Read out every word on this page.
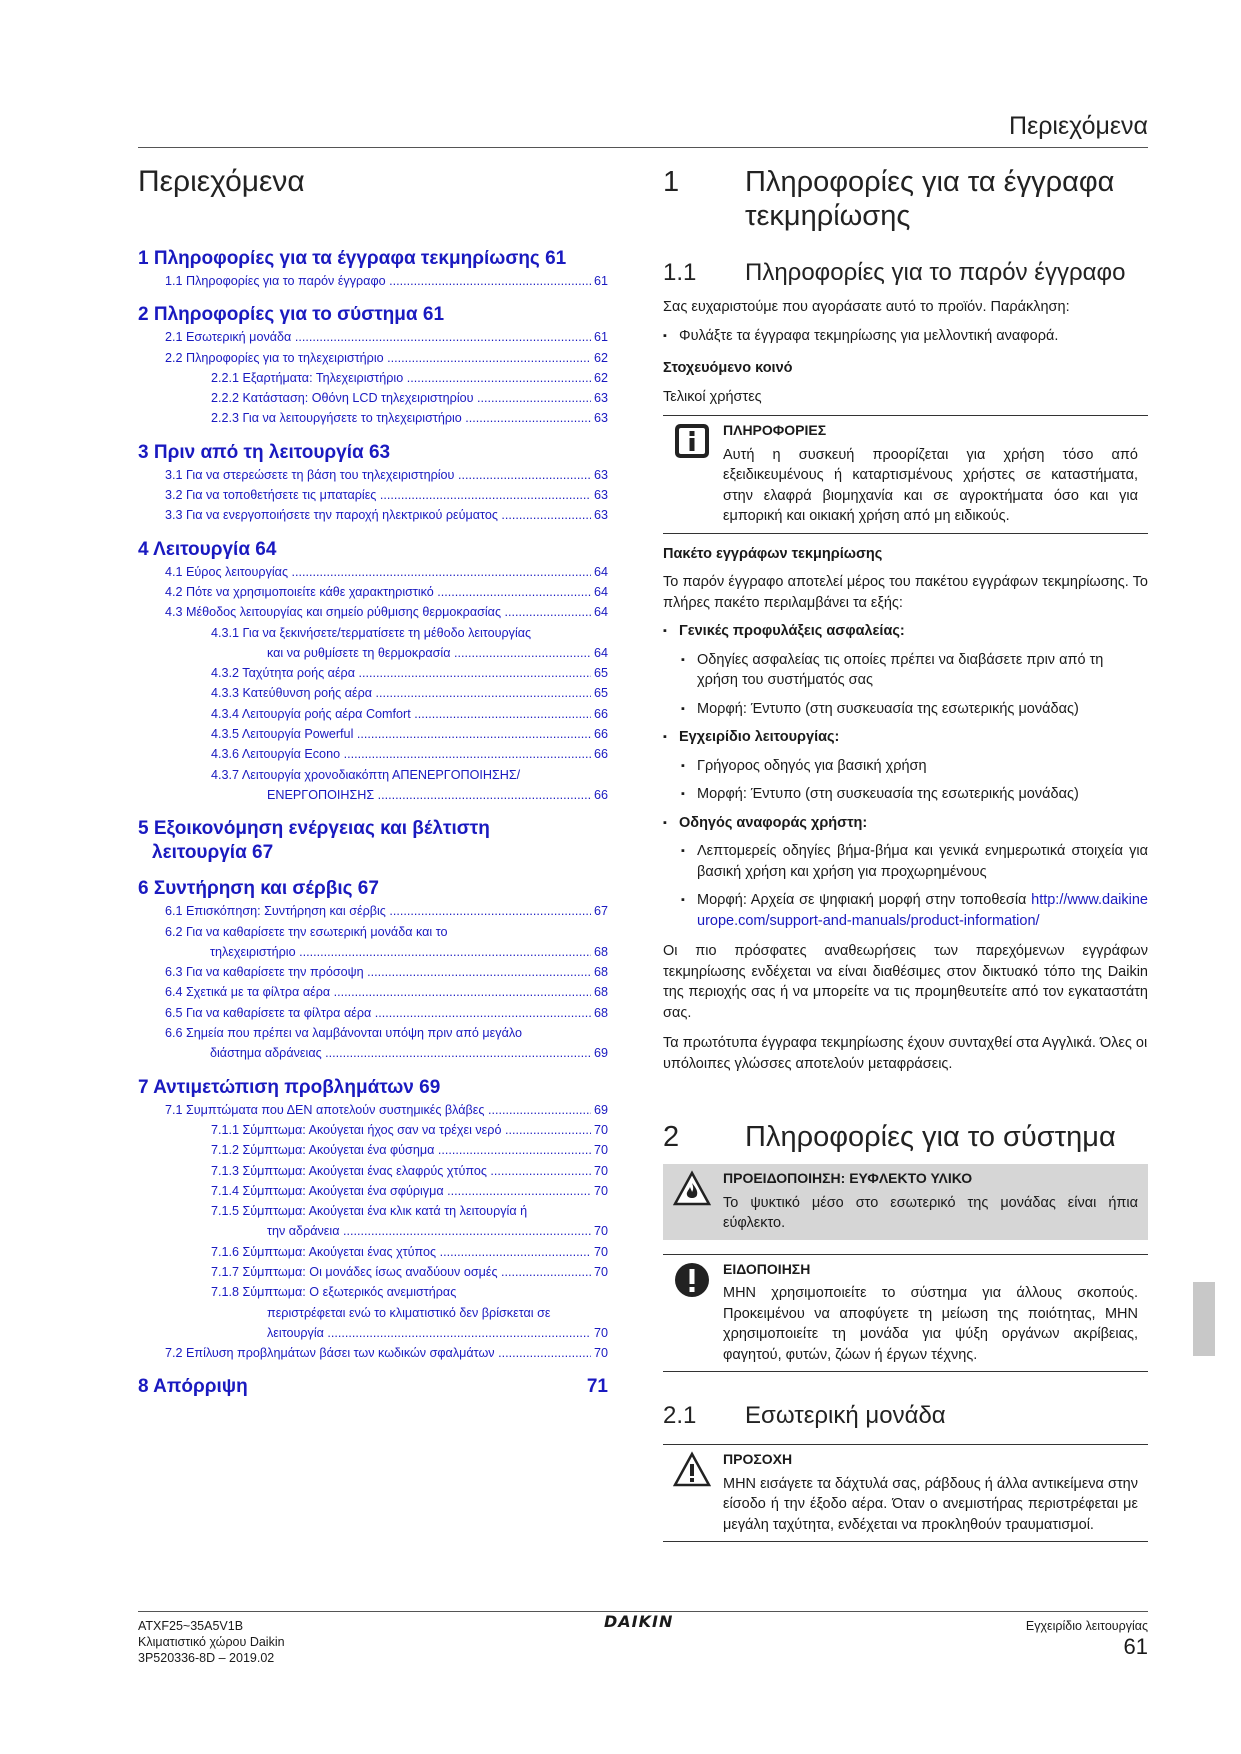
Περιεχόμενα
Περιεχόμενα
1 Πληροφορίες για τα έγγραφα τεκμηρίωσης 61
1.1 Πληροφορίες για το παρόν έγγραφο .....	61
2 Πληροφορίες για το σύστημα 61
2.1 Εσωτερική μονάδα .....	61
2.2 Πληροφορίες για το τηλεχειριστήριο .....	62
2.2.1 Εξαρτήματα: Τηλεχειριστήριο .....	62
2.2.2 Κατάσταση: Οθόνη LCD τηλεχειριστηρίου .....	63
2.2.3 Για να λειτουργήσετε το τηλεχειριστήριο .....	63
3 Πριν από τη λειτουργία 63
3.1 Για να στερεώσετε τη βάση του τηλεχειριστηρίου .....	63
3.2 Για να τοποθετήσετε τις μπαταρίες .....	63
3.3 Για να ενεργοποιήσετε την παροχή ηλεκτρικού ρεύματος .....	63
4 Λειτουργία 64
4.1 Εύρος λειτουργίας .....	64
4.2 Πότε να χρησιμοποιείτε κάθε χαρακτηριστικό .....	64
4.3 Μέθοδος λειτουργίας και σημείο ρύθμισης θερμοκρασίας .....	64
4.3.1 Για να ξεκινήσετε/τερματίσετε τη μέθοδο λειτουργίας
και να ρυθμίσετε τη θερμοκρασία .....	64
4.3.2 Ταχύτητα ροής αέρα .....	65
4.3.3 Κατεύθυνση ροής αέρα .....	65
4.3.4 Λειτουργία ροής αέρα Comfort .....	66
4.3.5 Λειτουργία Powerful .....	66
4.3.6 Λειτουργία Econo .....	66
4.3.7 Λειτουργία χρονοδιακόπτη ΑΠΕΝΕΡΓΟΠΟΙΗΣΗΣ/
ΕΝΕΡΓΟΠΟΙΗΣΗΣ .....	66
5 Εξοικονόμηση ενέργειας και βέλτιστη

λειτουργία 67
6 Συντήρηση και σέρβις 67
6.1 Επισκόπηση: Συντήρηση και σέρβις .....	67
6.2 Για να καθαρίσετε την εσωτερική μονάδα και το
τηλεχειριστήριο .....	68
6.3 Για να καθαρίσετε την πρόσοψη .....	68
6.4 Σχετικά με τα φίλτρα αέρα .....	68
6.5 Για να καθαρίσετε τα φίλτρα αέρα .....	68
6.6 Σημεία που πρέπει να λαμβάνονται υπόψη πριν από μεγάλο
διάστημα αδράνειας .....	69
7 Αντιμετώπιση προβλημάτων 69
7.1 Συμπτώματα που ΔΕΝ αποτελούν συστημικές βλάβες .....	69
7.1.1 Σύμπτωμα: Ακούγεται ήχος σαν να τρέχει νερό .....	70
7.1.2 Σύμπτωμα: Ακούγεται ένα φύσημα .....	70
7.1.3 Σύμπτωμα: Ακούγεται ένας ελαφρύς χτύπος .....	70
7.1.4 Σύμπτωμα: Ακούγεται ένα σφύριγμα .....	70
7.1.5 Σύμπτωμα: Ακούγεται ένα κλικ κατά τη λειτουργία ή
την αδράνεια .....	70
7.1.6 Σύμπτωμα: Ακούγεται ένας χτύπος .....	70
7.1.7 Σύμπτωμα: Οι μονάδες ίσως αναδύουν οσμές .....	70
7.1.8 Σύμπτωμα: Ο εξωτερικός ανεμιστήρας
περιστρέφεται ενώ το κλιματιστικό δεν βρίσκεται σε
λειτουργία .....	70
7.2 Επίλυση προβλημάτων βάσει των κωδικών σφαλμάτων .....	70
8 Απόρριψη	71
1 Πληροφορίες για τα έγγραφα τεκμηρίωσης
1.1 Πληροφορίες για το παρόν έγγραφο
Σας ευχαριστούμε που αγοράσατε αυτό το προϊόν. Παράκληση:
▪ Φυλάξτε τα έγγραφα τεκμηρίωσης για μελλοντική αναφορά.
Στοχευόμενο κοινό
Τελικοί χρήστες
ΠΛΗΡΟΦΟΡΙΕΣ
Αυτή η συσκευή προορίζεται για χρήση τόσο από εξειδικευμένους ή καταρτισμένους χρήστες σε καταστήματα, στην ελαφρά βιομηχανία και σε αγροκτήματα όσο και για εμπορική και οικιακή χρήση από μη ειδικούς.
Πακέτο εγγράφων τεκμηρίωσης
Το παρόν έγγραφο αποτελεί μέρος του πακέτου εγγράφων τεκμηρίωσης. Το πλήρες πακέτο περιλαμβάνει τα εξής:
▪ Γενικές προφυλάξεις ασφαλείας:
▪ Οδηγίες ασφαλείας τις οποίες πρέπει να διαβάσετε πριν από τη χρήση του συστήματός σας
▪ Μορφή: Έντυπο (στη συσκευασία της εσωτερικής μονάδας)
▪ Εγχειρίδιο λειτουργίας:
▪ Γρήγορος οδηγός για βασική χρήση
▪ Μορφή: Έντυπο (στη συσκευασία της εσωτερικής μονάδας)
▪ Οδηγός αναφοράς χρήστη:
▪ Λεπτομερείς οδηγίες βήμα-βήμα και γενικά ενημερωτικά στοιχεία για βασική χρήση και χρήση για προχωρημένους
▪ Μορφή: Αρχεία σε ψηφιακή μορφή στην τοποθεσία http://www.daikineurope.com/support-and-manuals/product-information/
Οι πιο πρόσφατες αναθεωρήσεις των παρεχόμενων εγγράφων τεκμηρίωσης ενδέχεται να είναι διαθέσιμες στον δικτυακό τόπο της Daikin της περιοχής σας ή να μπορείτε να τις προμηθευτείτε από τον εγκαταστάτη σας.
Τα πρωτότυπα έγγραφα τεκμηρίωσης έχουν συνταχθεί στα Αγγλικά. Όλες οι υπόλοιπες γλώσσες αποτελούν μεταφράσεις.
2 Πληροφορίες για το σύστημα
ΠΡΟΕΙΔΟΠΟΙΗΣΗ: ΕΥΦΛΕΚΤΟ ΥΛΙΚΟ
Το ψυκτικό μέσο στο εσωτερικό της μονάδας είναι ήπια εύφλεκτο.
ΕΙΔΟΠΟΙΗΣΗ
ΜΗΝ χρησιμοποιείτε το σύστημα για άλλους σκοπούς. Προκειμένου να αποφύγετε τη μείωση της ποιότητας, ΜΗΝ χρησιμοποιείτε τη μονάδα για ψύξη οργάνων ακρίβειας, φαγητού, φυτών, ζώων ή έργων τέχνης.
2.1 Εσωτερική μονάδα
ΠΡΟΣΟΧΗ
ΜΗΝ εισάγετε τα δάχτυλά σας, ράβδους ή άλλα αντικείμενα στην είσοδο ή την έξοδο αέρα. Όταν ο ανεμιστήρας περιστρέφεται με μεγάλη ταχύτητα, ενδέχεται να προκληθούν τραυματισμοί.
ATXF25~35A5V1B
Κλιματιστικό χώρου Daikin
3P520336-8D – 2019.02
DAIKIN	Εγχειρίδιο λειτουργίας
61
